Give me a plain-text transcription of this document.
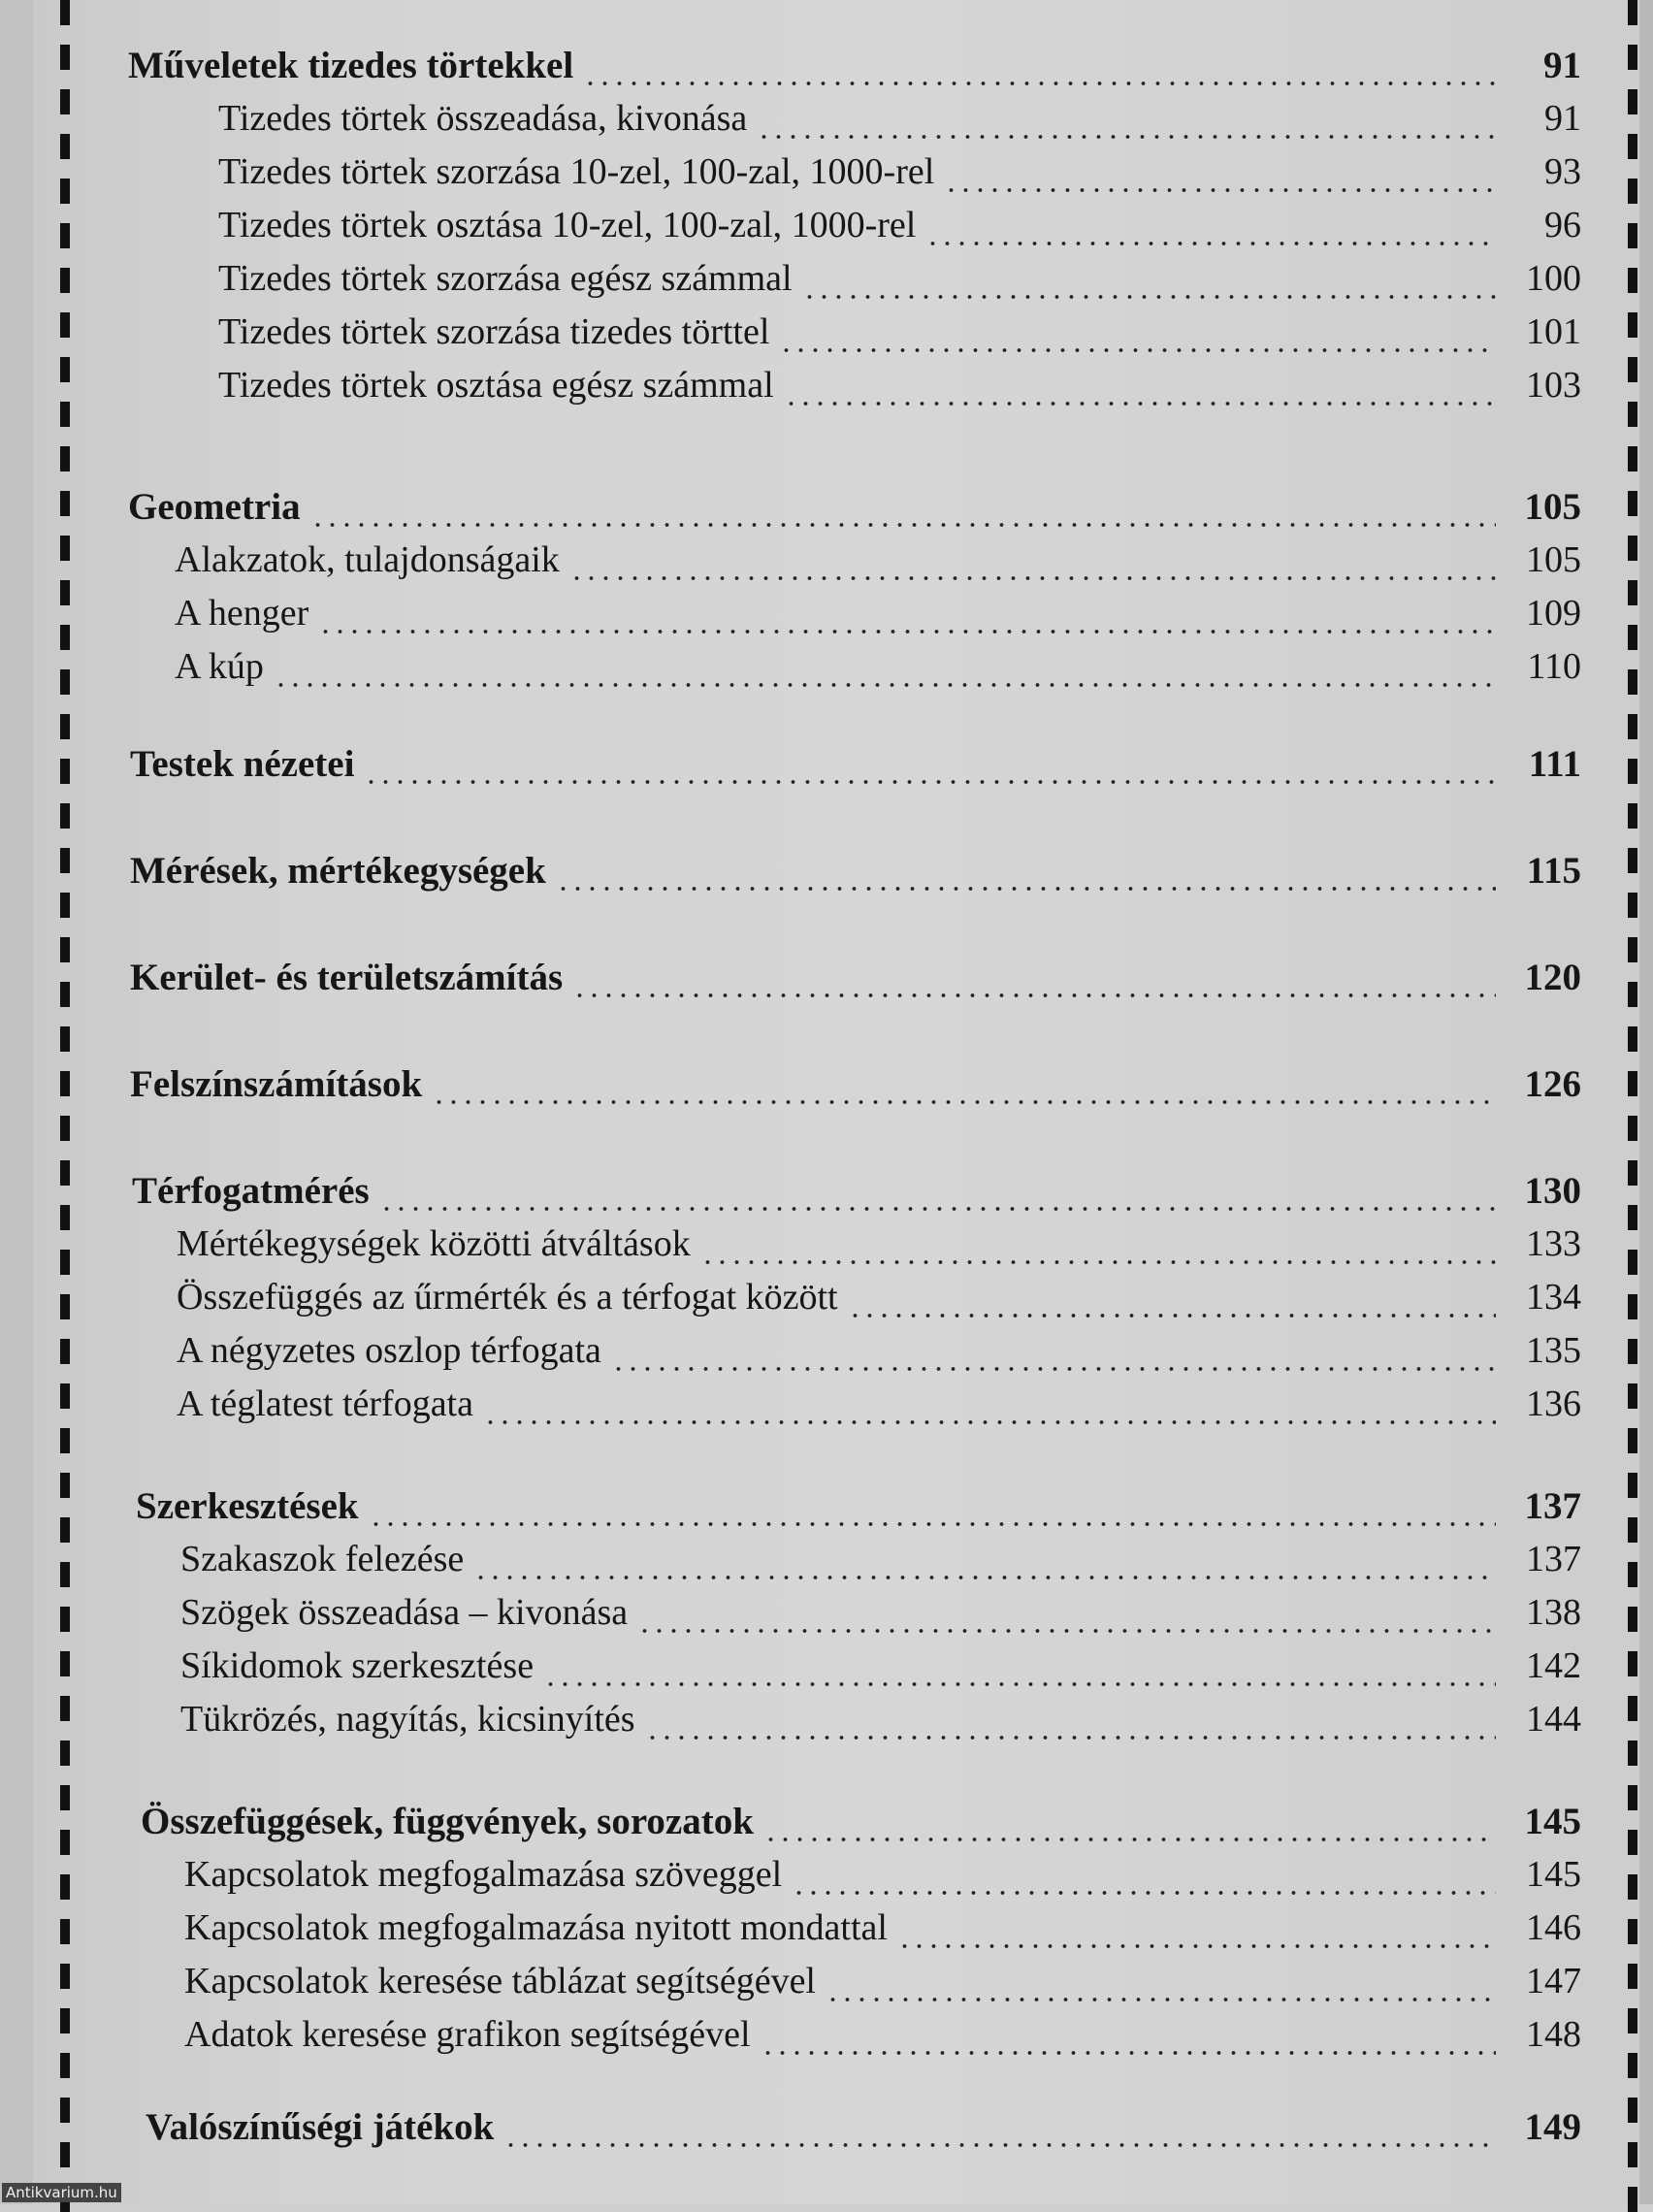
Műveletek tizedes törtekkel	91
Tizedes törtek összeadása, kivonása	91
Tizedes törtek szorzása 10-zel, 100-zal, 1000-rel	93
Tizedes törtek osztása 10-zel, 100-zal, 1000-rel	96
Tizedes törtek szorzása egész számmal	100
Tizedes törtek szorzása tizedes törttel	101
Tizedes törtek osztása egész számmal	103
Geometria	105
Alakzatok, tulajdonságaik	105
A henger	109
A kúp	110
Testek nézetei	111
Mérések, mértékegységek	115
Kerület- és területszámítás	120
Felszínszámítások	126
Térfogatmérés	130
Mértékegységek közötti átváltások	133
Összefüggés az űrmérték és a térfogat között	134
A négyzetes oszlop térfogata	135
A téglatest térfogata	136
Szerkesztések	137
Szakaszok felezése	137
Szögek összeadása – kivonása	138
Síkidomok szerkesztése	142
Tükrözés, nagyítás, kicsinyítés	144
Összefüggések, függvények, sorozatok	145
Kapcsolatok megfogalmazása szöveggel	145
Kapcsolatok megfogalmazása nyitott mondattal	146
Kapcsolatok keresése táblázat segítségével	147
Adatok keresése grafikon segítségével	148
Valószínűségi játékok	149
Antikvarium.hu
